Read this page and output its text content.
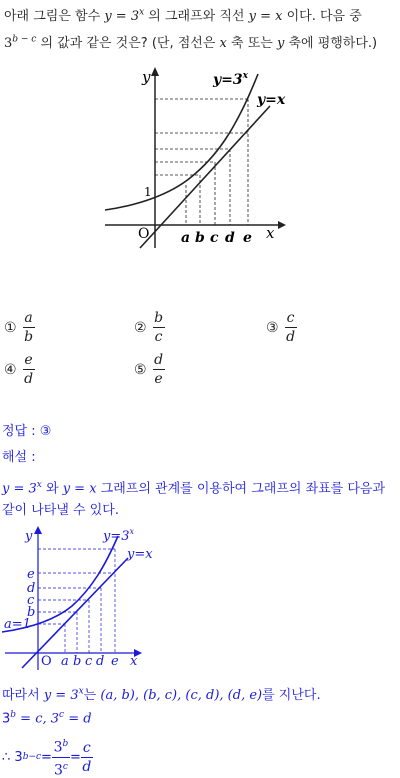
아래 그림은 함수 $y = 3^x$ 의 그래프와 직선 y = x 이다. 다음 중
$3^{b - c}$ 의 값과 같은 것은? (단, 점선은 x 축 또는 y 축에 평행하다.)
y
x
O
1
$y=3^x$
y=x
a b c d e
① $\frac{a}{b}$	② $\frac{b}{c}$	③ $\frac{c}{d}$
④ $\frac{e}{d}$	⑤ $\frac{d}{e}$
정답 : ③
해설 :
$y = 3^x$ 와 y = x 그래프의 관계를 이용하여 그래프의 좌표를 다음과
같이 나타낼 수 있다.
y
x
O
$y=3^x$
y=x
e
d
c
b
a=1
a b c d e
따라서 $y = 3^x$는 (a, b), (b, c), (c, d), (d, e)를 지난다.
$3^b = c$, $3^c = d$
∴ 3 $b-c = \frac{3^b}{3^c} = \frac{c}{d}$
